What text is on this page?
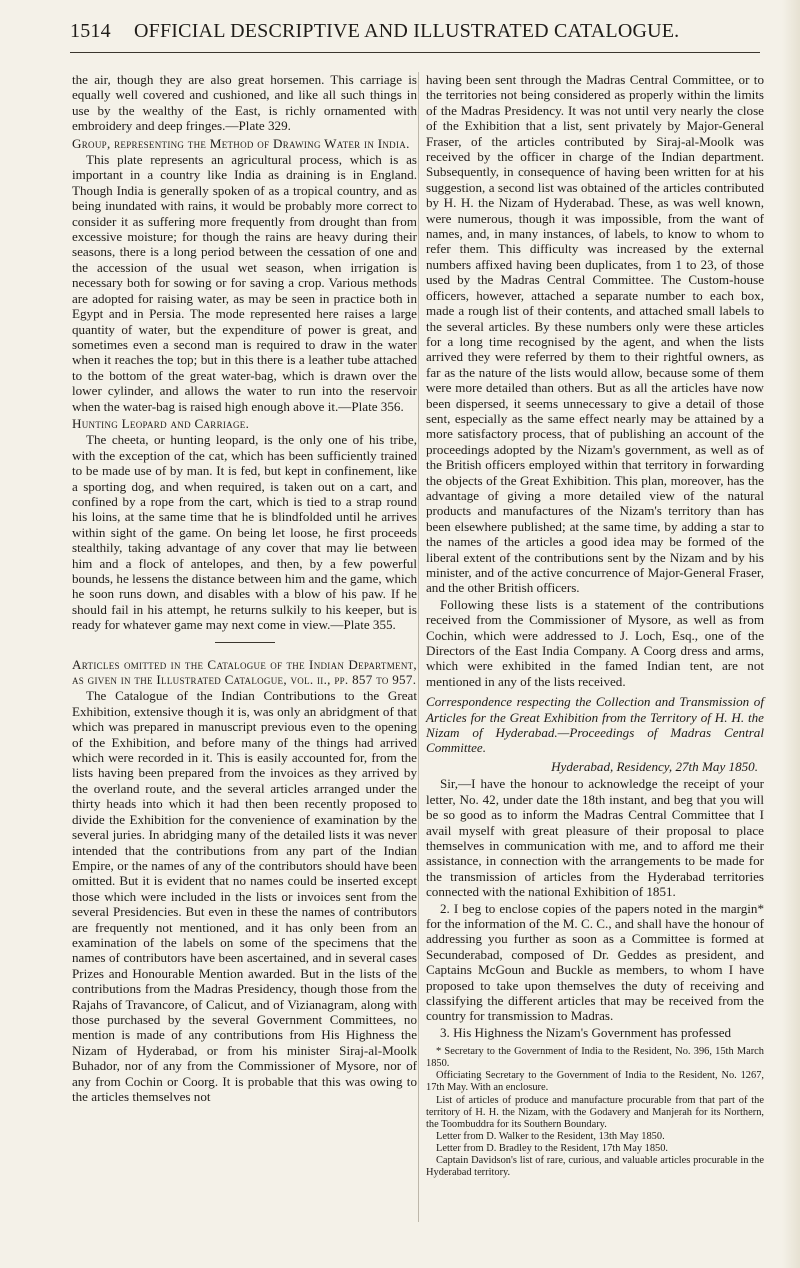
1514 OFFICIAL DESCRIPTIVE AND ILLUSTRATED CATALOGUE.

the air, though they are also great horsemen. This carriage is equally well covered and cushioned, and like all such things in use by the wealthy of the East, is richly ornamented with embroidery and deep fringes.—Plate 329.

Group, representing the Method of Drawing Water in India.

This plate represents an agricultural process, which is as important in a country like India as draining is in England. Though India is generally spoken of as a tropical country, and as being inundated with rains, it would be probably more correct to consider it as suffering more frequently from drought than from excessive moisture; for though the rains are heavy during their seasons, there is a long period between the cessation of one and the accession of the usual wet season, when irrigation is necessary both for sowing or for saving a crop. Various methods are adopted for raising water, as may be seen in practice both in Egypt and in Persia. The mode represented here raises a large quantity of water, but the expenditure of power is great, and sometimes even a second man is required to draw in the water when it reaches the top; but in this there is a leather tube attached to the bottom of the great water-bag, which is drawn over the lower cylinder, and allows the water to run into the reservoir when the water-bag is raised high enough above it.—Plate 356.

Hunting Leopard and Carriage.

The cheeta, or hunting leopard, is the only one of his tribe, with the exception of the cat, which has been sufficiently trained to be made use of by man. It is fed, but kept in confinement, like a sporting dog, and when required, is taken out on a cart, and confined by a rope from the cart, which is tied to a strap round his loins, at the same time that he is blindfolded until he arrives within sight of the game. On being let loose, he first proceeds stealthily, taking advantage of any cover that may lie between him and a flock of antelopes, and then, by a few powerful bounds, he lessens the distance between him and the game, which he soon runs down, and disables with a blow of his paw. If he should fail in his attempt, he returns sulkily to his keeper, but is ready for whatever game may next come in view.—Plate 355.

Articles omitted in the Catalogue of the Indian Department, as given in the Illustrated Catalogue, vol. ii., pp. 857 to 957.

The Catalogue of the Indian Contributions to the Great Exhibition, extensive though it is, was only an abridgment of that which was prepared in manuscript previous even to the opening of the Exhibition, and before many of the things had arrived which were recorded in it. This is easily accounted for, from the lists having been prepared from the invoices as they arrived by the overland route, and the several articles arranged under the thirty heads into which it had then been recently proposed to divide the Exhibition for the convenience of examination by the several juries. In abridging many of the detailed lists it was never intended that the contributions from any part of the Indian Empire, or the names of any of the contributors should have been omitted. But it is evident that no names could be inserted except those which were included in the lists or invoices sent from the several Presidencies. But even in these the names of contributors are frequently not mentioned, and it has only been from an examination of the labels on some of the specimens that the names of contributors have been ascertained, and in several cases Prizes and Honourable Mention awarded. But in the lists of the contributions from the Madras Presidency, though those from the Rajahs of Travancore, of Calicut, and of Vizianagram, along with those purchased by the several Government Committees, no mention is made of any contributions from His Highness the Nizam of Hyderabad, or from his minister Siraj-al-Moolk Buhador, nor of any from the Commissioner of Mysore, nor of any from Cochin or Coorg. It is probable that this was owing to the articles themselves not

having been sent through the Madras Central Committee, or to the territories not being considered as properly within the limits of the Madras Presidency. It was not until very nearly the close of the Exhibition that a list, sent privately by Major-General Fraser, of the articles contributed by Siraj-al-Moolk was received by the officer in charge of the Indian department. Subsequently, in consequence of having been written for at his suggestion, a second list was obtained of the articles contributed by H. H. the Nizam of Hyderabad. These, as was well known, were numerous, though it was impossible, from the want of names, and, in many instances, of labels, to know to whom to refer them. This difficulty was increased by the external numbers affixed having been duplicates, from 1 to 23, of those used by the Madras Central Committee. The Custom-house officers, however, attached a separate number to each box, made a rough list of their contents, and attached small labels to the several articles. By these numbers only were these articles for a long time recognised by the agent, and when the lists arrived they were referred by them to their rightful owners, as far as the nature of the lists would allow, because some of them were more detailed than others. But as all the articles have now been dispersed, it seems unnecessary to give a detail of those sent, especially as the same effect nearly may be attained by a more satisfactory process, that of publishing an account of the proceedings adopted by the Nizam's government, as well as of the British officers employed within that territory in forwarding the objects of the Great Exhibition. This plan, moreover, has the advantage of giving a more detailed view of the natural products and manufactures of the Nizam's territory than has been elsewhere published; at the same time, by adding a star to the names of the articles a good idea may be formed of the liberal extent of the contributions sent by the Nizam and by his minister, and of the active concurrence of Major-General Fraser, and the other British officers.

Following these lists is a statement of the contributions received from the Commissioner of Mysore, as well as from Cochin, which were addressed to J. Loch, Esq., one of the Directors of the East India Company. A Coorg dress and arms, which were exhibited in the famed Indian tent, are not mentioned in any of the lists received.

Correspondence respecting the Collection and Transmission of Articles for the Great Exhibition from the Territory of H. H. the Nizam of Hyderabad.—Proceedings of Madras Central Committee.

Hyderabad, Residency, 27th May 1850.

Sir,—I have the honour to acknowledge the receipt of your letter, No. 42, under date the 18th instant, and beg that you will be so good as to inform the Madras Central Committee that I avail myself with great pleasure of their proposal to place themselves in communication with me, and to afford me their assistance, in connection with the arrangements to be made for the transmission of articles from the Hyderabad territories connected with the national Exhibition of 1851.

2. I beg to enclose copies of the papers noted in the margin* for the information of the M. C. C., and shall have the honour of addressing you further as soon as a Committee is formed at Secunderabad, composed of Dr. Geddes as president, and Captains McGoun and Buckle as members, to whom I have proposed to take upon themselves the duty of receiving and classifying the different articles that may be received from the country for transmission to Madras.

3. His Highness the Nizam's Government has professed

* Secretary to the Government of India to the Resident, No. 396, 15th March 1850.

Officiating Secretary to the Government of India to the Resident, No. 1267, 17th May. With an enclosure.

List of articles of produce and manufacture procurable from that part of the territory of H. H. the Nizam, with the Godavery and Manjerah for its Northern, the Toombuddra for its Southern Boundary.

Letter from D. Walker to the Resident, 13th May 1850.

Letter from D. Bradley to the Resident, 17th May 1850.

Captain Davidson's list of rare, curious, and valuable articles procurable in the Hyderabad territory.
